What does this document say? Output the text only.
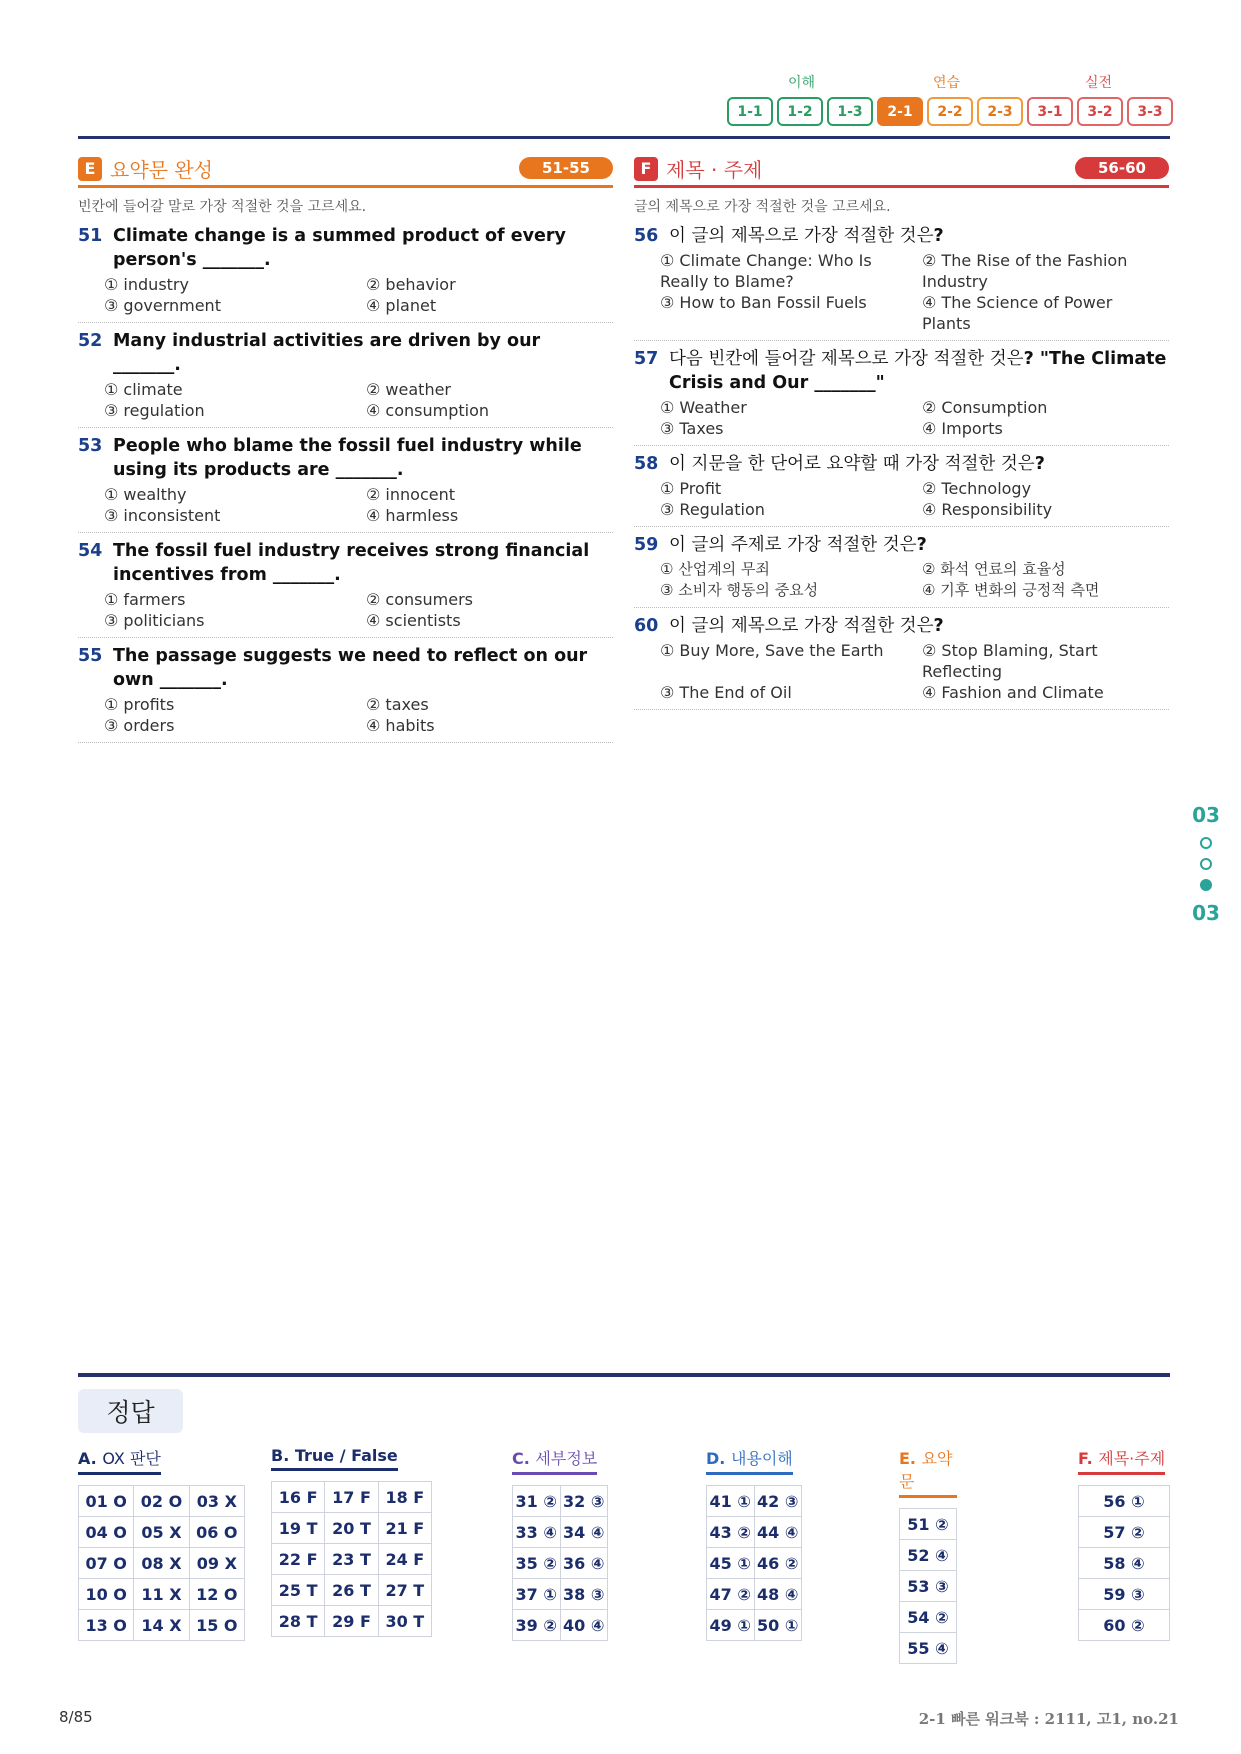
이해	연습	실전
1-1	1-2	1-3	2-1	2-2	2-3	3-1	3-2	3-3
E 요약문 완성	51-55
빈칸에 들어갈 말로 가장 적절한 것을 고르세요.
51 Climate change is a summed product of every person's _______.
① industry	② behavior
③ government	④ planet
52 Many industrial activities are driven by our _______.
① climate	② weather
③ regulation	④ consumption
53 People who blame the fossil fuel industry while using its products are _______.
① wealthy	② innocent
③ inconsistent	④ harmless
54 The fossil fuel industry receives strong financial incentives from _______.
① farmers	② consumers
③ politicians	④ scientists
55 The passage suggests we need to reflect on our own _______.
① profits	② taxes
③ orders	④ habits
F 제목 · 주제	56-60
글의 제목으로 가장 적절한 것을 고르세요.
56 이 글의 제목으로 가장 적절한 것은?
① Climate Change: Who Is Really to Blame?
② The Rise of the Fashion Industry
③ How to Ban Fossil Fuels	④ The Science of Power Plants
57 다음 빈칸에 들어갈 제목으로 가장 적절한 것은? "The Climate Crisis and Our _______"
① Weather	② Consumption
③ Taxes	④ Imports
58 이 지문을 한 단어로 요약할 때 가장 적절한 것은?
① Profit	② Technology
③ Regulation	④ Responsibility
59 이 글의 주제로 가장 적절한 것은?
① 산업계의 무죄	② 화석 연료의 효율성
③ 소비자 행동의 중요성	④ 기후 변화의 긍정적 측면
60 이 글의 제목으로 가장 적절한 것은?
① Buy More, Save the Earth	② Stop Blaming, Start Reflecting
③ The End of Oil	④ Fashion and Climate
03
03
정답
A. OX 판단
01 O 02 O 03 X
04 O 05 X 06 O
07 O 08 X 09 X
10 O 11 X 12 O
13 O 14 X 15 O
B. True / False
16 F 17 F 18 F
19 T 20 T 21 F
22 F 23 T 24 F
25 T 26 T 27 T
28 T 29 F 30 T
C. 세부정보
31 ② 32 ③
33 ④ 34 ④
35 ② 36 ④
37 ① 38 ③
39 ② 40 ④
D. 내용이해
41 ① 42 ③
43 ② 44 ④
45 ① 46 ②
47 ② 48 ④
49 ① 50 ①
E. 요약문
51 ②
52 ④
53 ③
54 ②
55 ④
F. 제목·주제
56 ①
57 ②
58 ④
59 ③
60 ②
8/85	2-1 빠른 워크북 : 2111, 고1, no.21
